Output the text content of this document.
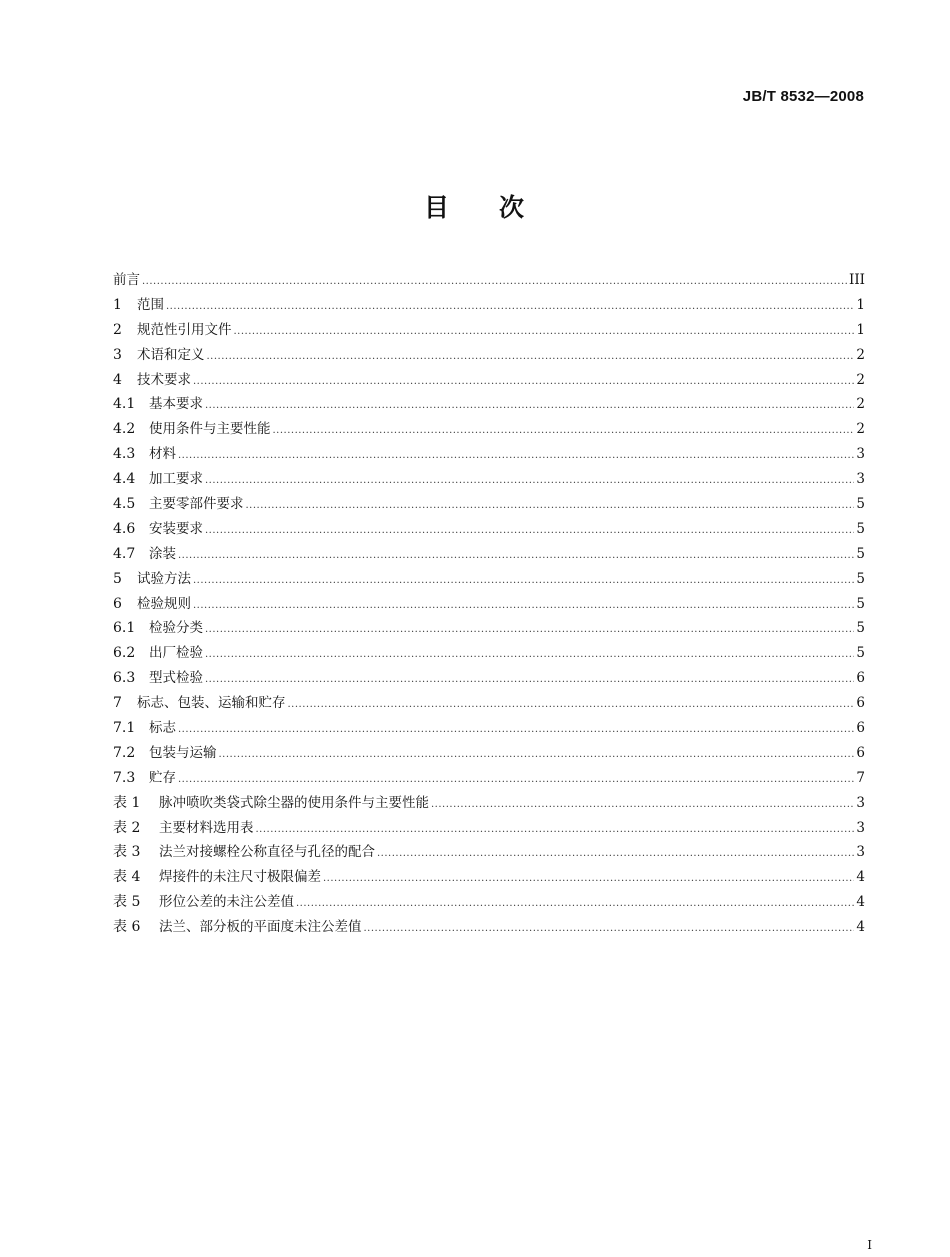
JB/T 8532—2008
目 次
前言 .....	III
1	范围 .....	1
2	规范性引用文件 .....	1
3	术语和定义 .....	2
4	技术要求 .....	2
4.1	基本要求 .....	2
4.2	使用条件与主要性能 .....	2
4.3	材料 .....	3
4.4	加工要求 .....	3
4.5	主要零部件要求 .....	5
4.6	安装要求 .....	5
4.7	涂装 .....	5
5	试验方法 .....	5
6	检验规则 .....	5
6.1	检验分类 .....	5
6.2	出厂检验 .....	5
6.3	型式检验 .....	6
7	标志、包装、运输和贮存 .....	6
7.1	标志 .....	6
7.2	包装与运输 .....	6
7.3	贮存 .....	7
表 1	脉冲喷吹类袋式除尘器的使用条件与主要性能 .....	3
表 2	主要材料选用表 .....	3
表 3	法兰对接螺栓公称直径与孔径的配合 .....	3
表 4	焊接件的未注尺寸极限偏差 .....	4
表 5	形位公差的未注公差值 .....	4
表 6	法兰、部分板的平面度未注公差值 .....	4
I
